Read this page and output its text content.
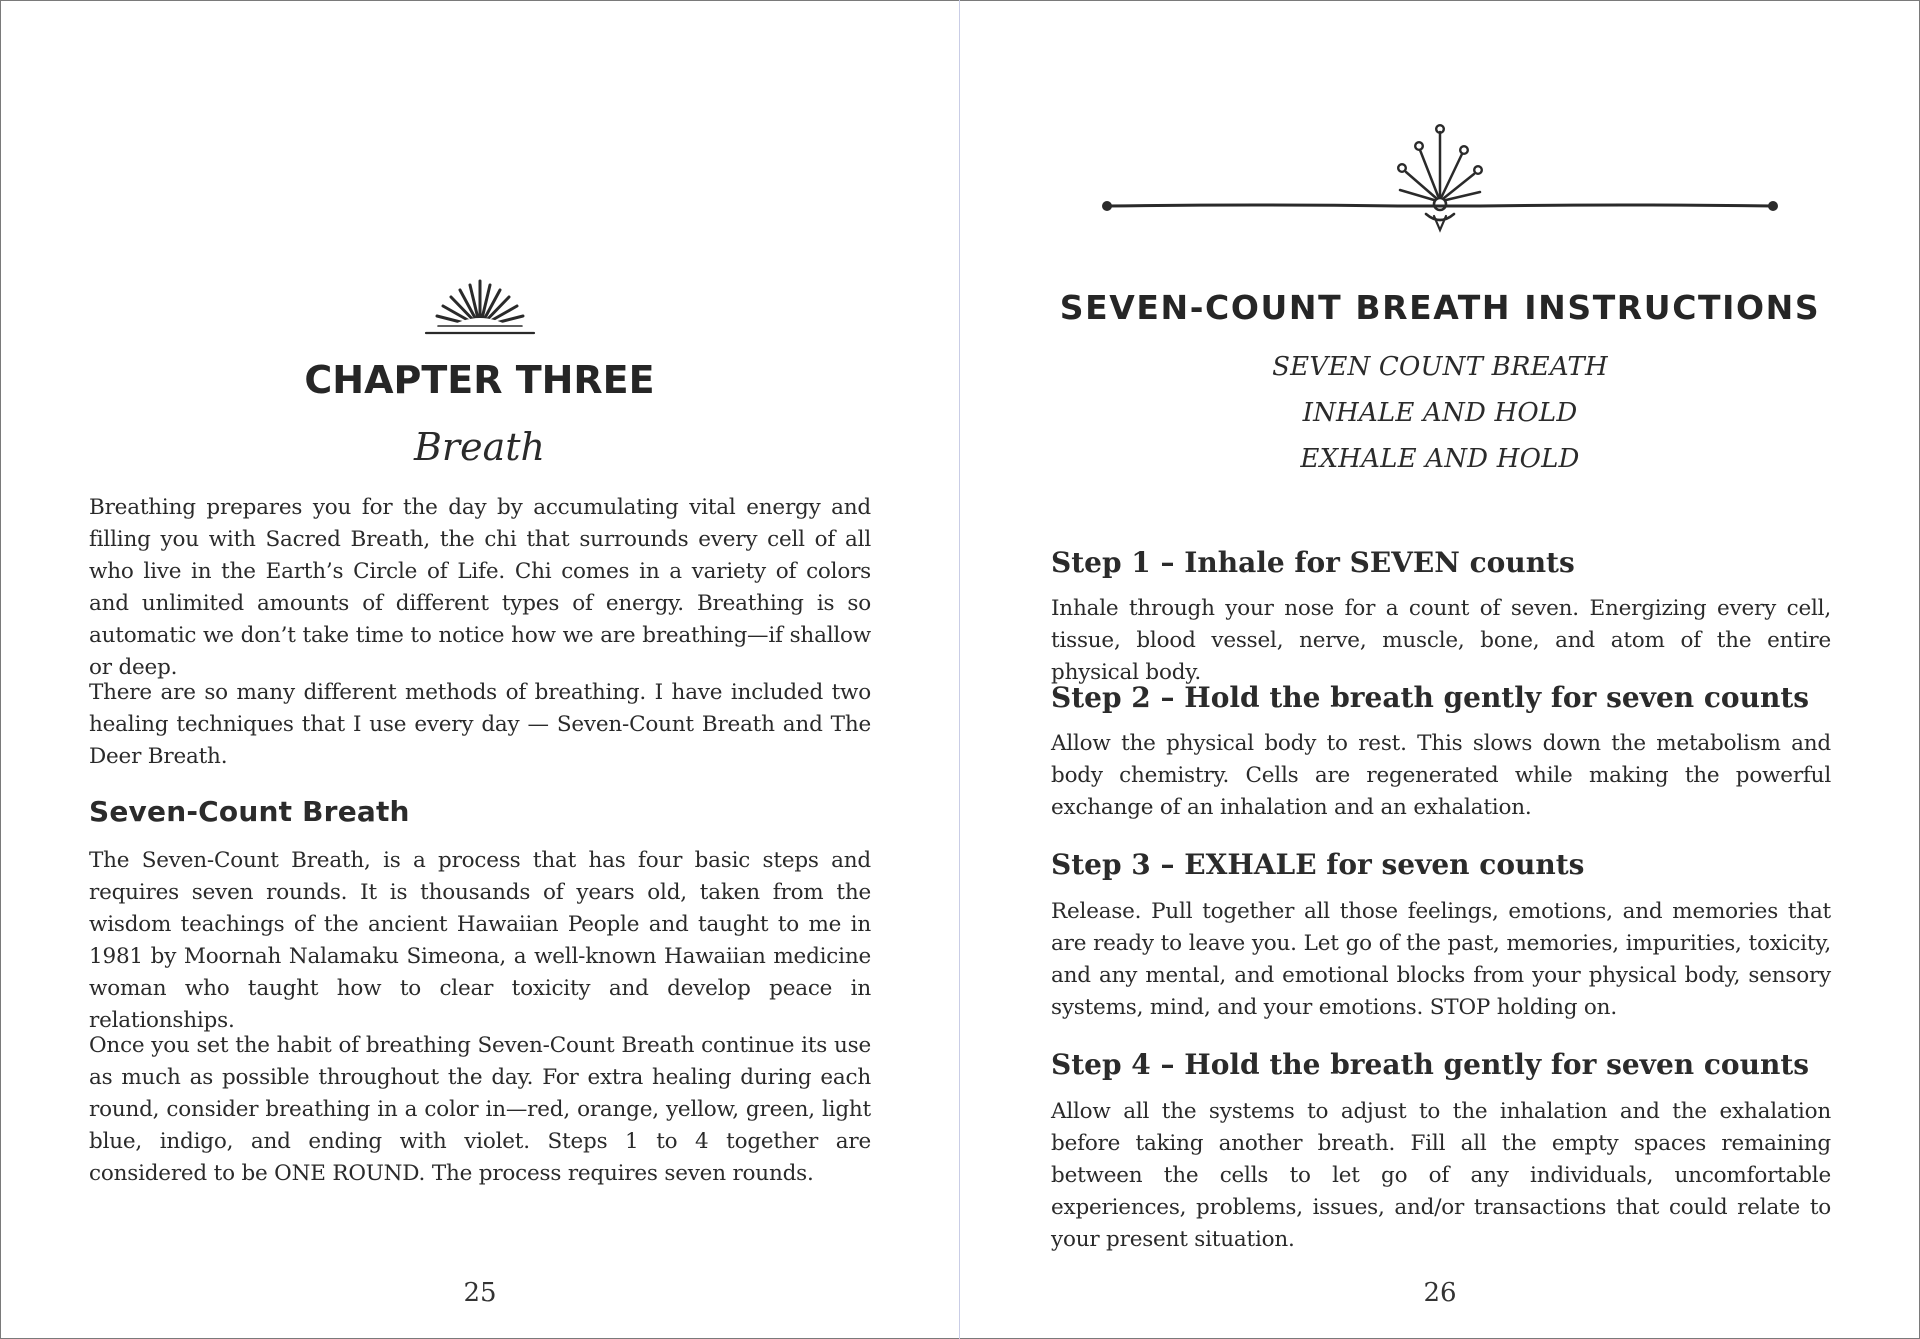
CHAPTER THREE
Breath

Breathing prepares you for the day by accumulating vital energy and filling you with Sacred Breath, the chi that surrounds every cell of all who live in the Earth’s Circle of Life. Chi comes in a variety of colors and unlimited amounts of different types of energy. Breathing is so automatic we don’t take time to notice how we are breathing—if shallow or deep.

There are so many different methods of breathing. I have included two healing techniques that I use every day — Seven-Count Breath and The Deer Breath.

Seven-Count Breath

The Seven-Count Breath, is a process that has four basic steps and requires seven rounds. It is thousands of years old, taken from the wisdom teachings of the ancient Hawaiian People and taught to me in 1981 by Moornah Nalamaku Simeona, a well-known Hawaiian medicine woman who taught how to clear toxicity and develop peace in relationships.

Once you set the habit of breathing Seven-Count Breath continue its use as much as possible throughout the day. For extra healing during each round, consider breathing in a color in—red, orange, yellow, green, light blue, indigo, and ending with violet. Steps 1 to 4 together are considered to be ONE ROUND. The process requires seven rounds.

25
SEVEN-COUNT BREATH INSTRUCTIONS
SEVEN COUNT BREATH
INHALE AND HOLD
EXHALE AND HOLD
Step 1 – Inhale for SEVEN counts

Inhale through your nose for a count of seven. Energizing every cell, tissue, blood vessel, nerve, muscle, bone, and atom of the entire physical body.

Step 2 – Hold the breath gently for seven counts

Allow the physical body to rest. This slows down the metabolism and body chemistry. Cells are regenerated while making the powerful exchange of an inhalation and an exhalation.

Step 3 – EXHALE for seven counts

Release. Pull together all those feelings, emotions, and memories that are ready to leave you. Let go of the past, memories, impurities, toxicity, and any mental, and emotional blocks from your physical body, sensory systems, mind, and your emotions. STOP holding on.

Step 4 – Hold the breath gently for seven counts

Allow all the systems to adjust to the inhalation and the exhalation before taking another breath. Fill all the empty spaces remaining between the cells to let go of any individuals, uncomfortable experiences, problems, issues, and/or transactions that could relate to your present situation.

26
